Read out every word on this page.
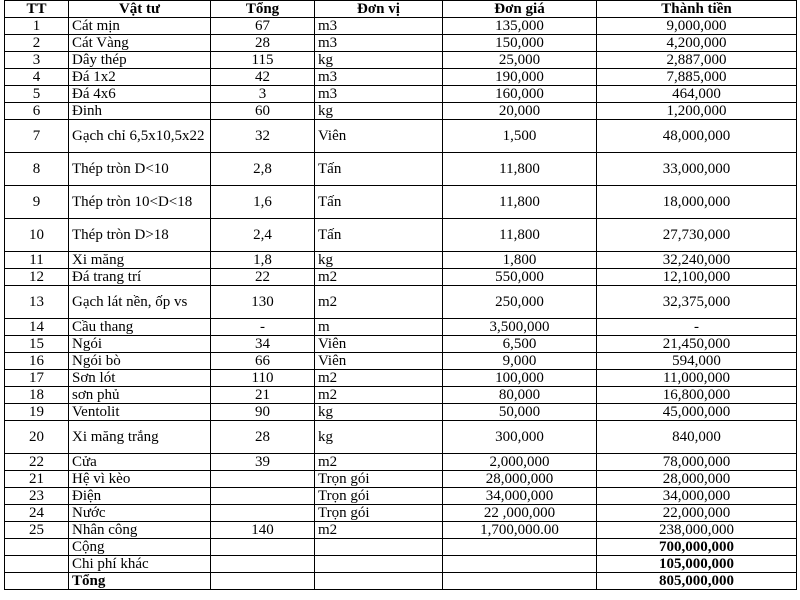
TT	Vật tư	Tổng	Đơn vị	Đơn giá	Thành tiền
1	Cát mịn	67	m3	135,000	9,000,000
2	Cát Vàng	28	m3	150,000	4,200,000
3	Dây thép	115	kg	25,000	2,887,000
4	Đá 1x2	42	m3	190,000	7,885,000
5	Đá 4x6	3	m3	160,000	464,000
6	Đinh	60	kg	20,000	1,200,000
7	Gạch chỉ 6,5x10,5x22	32	Viên	1,500	48,000,000
8	Thép tròn D<10	2,8	Tấn	11,800	33,000,000
9	Thép tròn 10<D<18	1,6	Tấn	11,800	18,000,000
10	Thép tròn D>18	2,4	Tấn	11,800	27,730,000
11	Xi măng	1,8	kg	1,800	32,240,000
12	Đá trang trí	22	m2	550,000	12,100,000
13	Gạch lát nền, ốp vs	130	m2	250,000	32,375,000
14	Cầu thang	-	m	3,500,000	-
15	Ngói	34	Viên	6,500	21,450,000
16	Ngói bò	66	Viên	9,000	594,000
17	Sơn lót	110	m2	100,000	11,000,000
18	sơn phủ	21	m2	80,000	16,800,000
19	Ventolit	90	kg	50,000	45,000,000
20	Xi măng trắng	28	kg	300,000	840,000
22	Cửa	39	m2	2,000,000	78,000,000
21	Hệ vì kèo		Trọn gói	28,000,000	28,000,000
23	Điện		Trọn gói	34,000,000	34,000,000
24	Nước		Trọn gói	22 ,000,000	22,000,000
25	Nhân công	140	m2	1,700,000.00	238,000,000
	Cộng				700,000,000
	Chi phí khác				105,000,000
	Tổng				805,000,000
